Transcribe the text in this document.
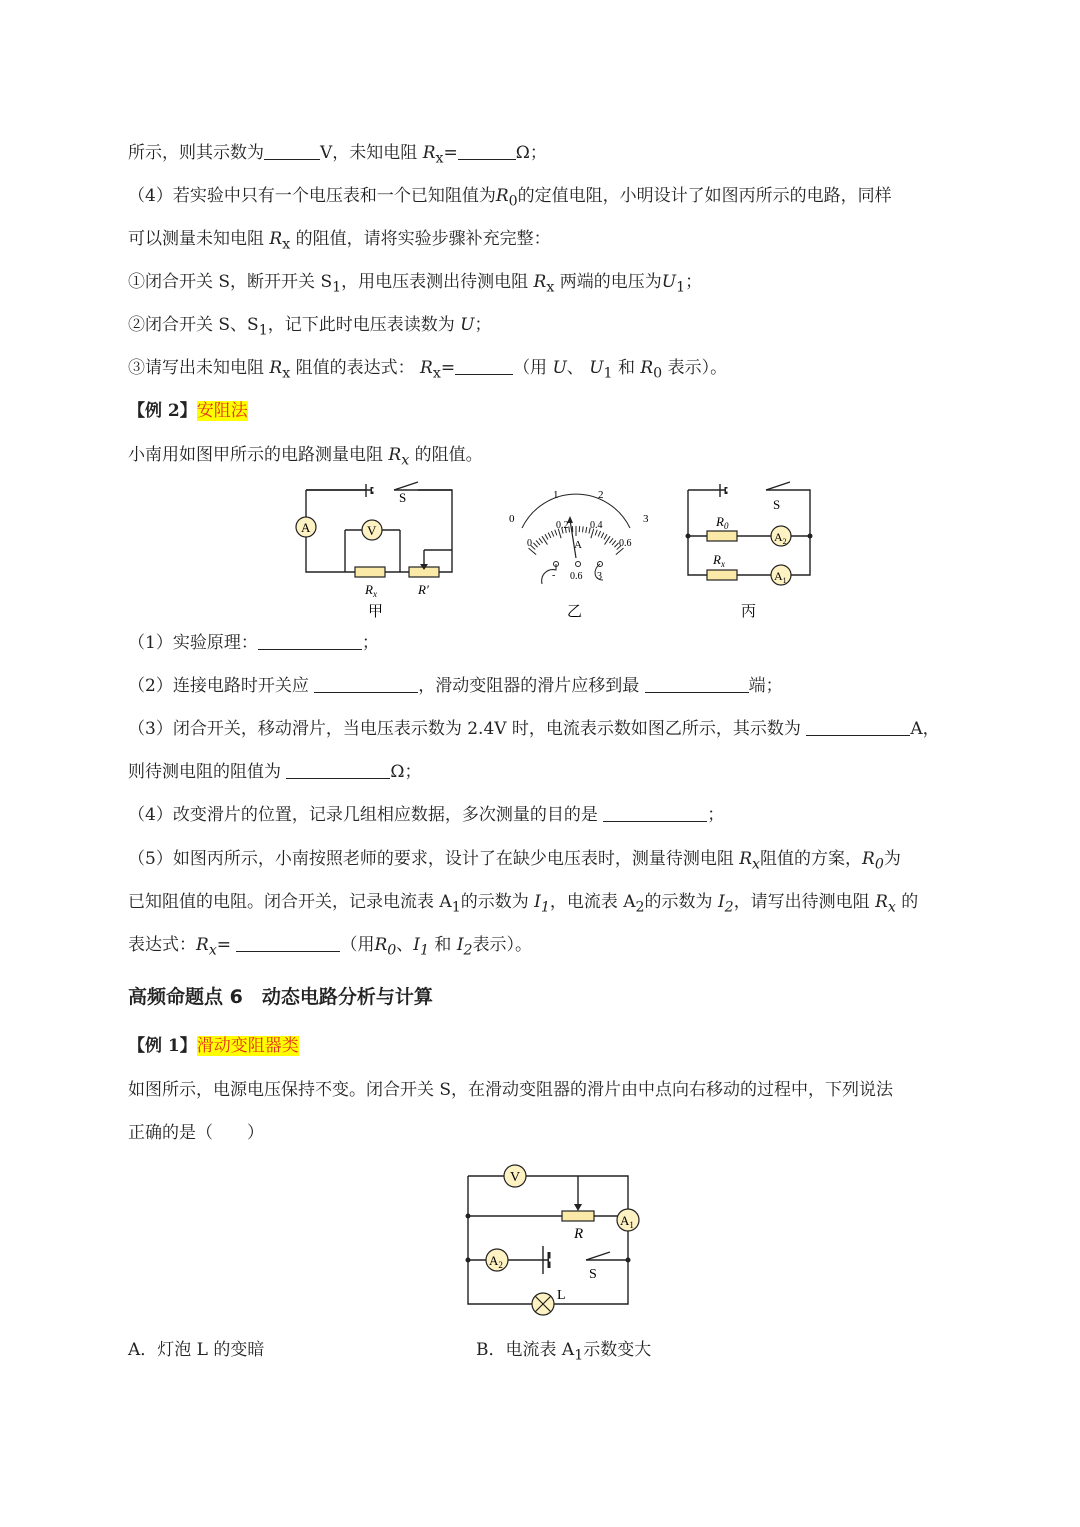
所示，则其示数为	V，未知电阻 $R_x=$	Ω；
（4）若实验中只有一个电压表和一个已知阻值为$R_0$的定值电阻，小明设计了如图丙所示的电路，同样
可以测量未知电阻 $R_x$ 的阻值，请将实验步骤补充完整：
①闭合开关 S，断开开关 $S_1$，用电压表测出待测电阻 $R_x$ 两端的电压为$U_1$；
②闭合开关 S、$S_1$，记下此时电压表读数为 U；
③请写出未知电阻 $R_x$ 阻值的表达式： $R_x=$	（用 U、 $U_1$ 和 $R_0$ 表示）。
【例 2】安阻法
小南用如图甲所示的电路测量电阻 $R_x$ 的阻值。
A	V
S
$R_x$	R′
甲
0
1	2
3
0
0.2 0.4
0.6
A
- 0.6 3
乙
S
$R_0$
$R_x$
$A_2$
$A_1$
丙
（1）实验原理：	；
（2）连接电路时开关应	，滑动变阻器的滑片应移到最	端；
（3）闭合开关，移动滑片，当电压表示数为 2.4V 时，电流表示数如图乙所示，其示数为	A，
则待测电阻的阻值为	Ω；
（4）改变滑片的位置，记录几组相应数据，多次测量的目的是	；
（5）如图丙所示，小南按照老师的要求，设计了在缺少电压表时，测量待测电阻 $R_x$阻值的方案，$R_0$为
已知阻值的电阻。闭合开关，记录电流表 $A_1$的示数为 $I_1$，电流表 $A_2$的示数为 $I_2$，请写出待测电阻 $R_x$ 的
表达式：$R_x=$	（用$R_0$、$I_1$ 和 $I_2$表示）。
高频命题点 6　动态电路分析与计算
【例 1】滑动变阻器类
如图所示，电源电压保持不变。闭合开关 S，在滑动变阻器的滑片由中点向右移动的过程中，下列说法
正确的是（　　）
V
R
$A_1$
$A_2$
S
L
A．灯泡 L 的变暗	B．电流表 $A_1$示数变大
